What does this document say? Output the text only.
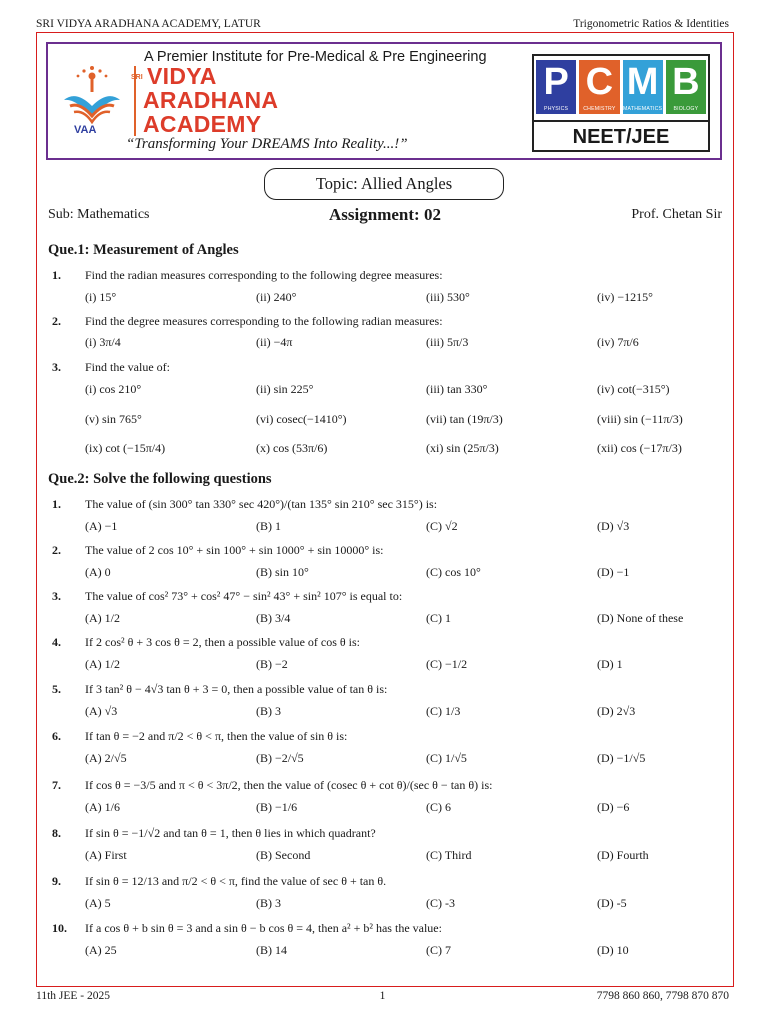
SRI VIDYA ARADHANA ACADEMY, LATUR	Trigonometric Ratios & Identities
VAA
A Premier Institute for Pre-Medical & Pre Engineering
SRI VIDYA
ARADHANA
ACADEMY
“Transforming Your DREAMS Into Reality...!”
P
PHYSICS
C
CHEMISTRY
M
MATHEMATICS
B
BIOLOGY
NEET/JEE
Topic: Allied Angles
Assignment: 02
Sub: Mathematics	Prof. Chetan Sir
Que.1: Measurement of Angles
1. Find the radian measures corresponding to the following degree measures:
(i) 15°	(ii) 240°	(iii) 530°	(iv) −1215°
2. Find the degree measures corresponding to the following radian measures:
(i) 3π/4	(ii) −4π	(iii) 5π/3	(iv) 7π/6
3. Find the value of:
(i) cos 210°	(ii) sin 225°	(iii) tan 330°	(iv) cot(−315°)
(v) sin 765°	(vi) cosec(−1410°)	(vii) tan (19π/3)	(viii) sin (−11π/3)
(ix) cot (−15π/4)	(x) cos (53π/6)	(xi) sin (25π/3)	(xii) cos (−17π/3)
Que.2: Solve the following questions
1. The value of (sin 300° tan 330° sec 420°)/(tan 135° sin 210° sec 315°) is:
(A) −1	(B) 1	(C) √2	(D) √3
2. The value of 2 cos 10° + sin 100° + sin 1000° + sin 10000° is:
(A) 0	(B) sin 10°	(C) cos 10°	(D) −1
3. The value of cos² 73° + cos² 47° − sin² 43° + sin² 107° is equal to:
(A) 1/2	(B) 3/4	(C) 1	(D) None of these
4. If 2 cos² θ + 3 cos θ = 2, then a possible value of cos θ is:
(A) 1/2	(B) −2	(C) −1/2	(D) 1
5. If 3 tan² θ − 4√3 tan θ + 3 = 0, then a possible value of tan θ is:
(A) √3	(B) 3	(C) 1/3	(D) 2√3
6. If tan θ = −2 and π/2 < θ < π, then the value of sin θ is:
(A) 2/√5	(B) −2/√5	(C) 1/√5	(D) −1/√5
7. If cos θ = −3/5 and π < θ < 3π/2, then the value of (cosec θ + cot θ)/(sec θ − tan θ) is:
(A) 1/6	(B) −1/6	(C) 6	(D) −6
8. If sin θ = −1/√2 and tan θ = 1, then θ lies in which quadrant?
(A) First	(B) Second	(C) Third	(D) Fourth
9. If sin θ = 12/13 and π/2 < θ < π, find the value of sec θ + tan θ.
(A) 5	(B) 3	(C) -3	(D) -5
10. If a cos θ + b sin θ = 3 and a sin θ − b cos θ = 4, then a² + b² has the value:
(A) 25	(B) 14	(C) 7	(D) 10
1
11th JEE - 2025	7798 860 860, 7798 870 870
